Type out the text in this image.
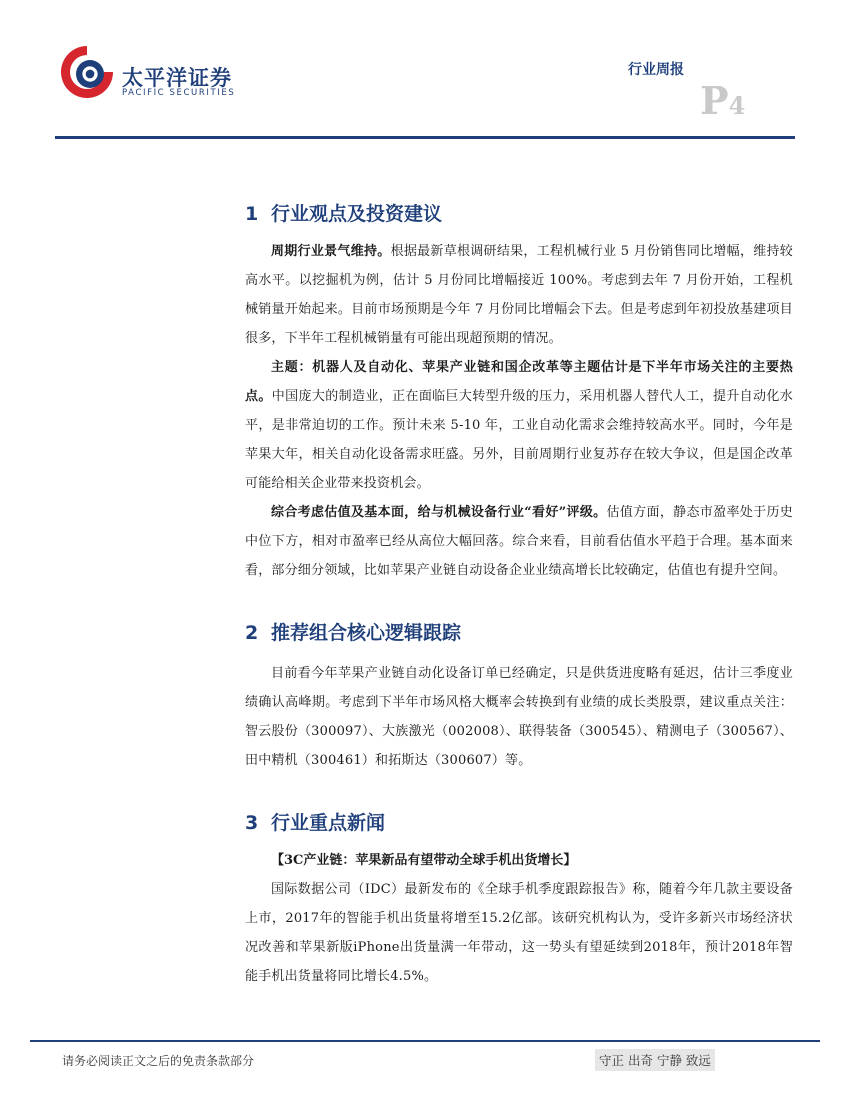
太平洋证券
PACIFIC SECURITIES
行业周报
P4
1 行业观点及投资建议

周期行业景气维持。根据最新草根调研结果，工程机械行业 5 月份销售同比增幅，维持较高水平。以挖掘机为例，估计 5 月份同比增幅接近 100%。考虑到去年 7 月份开始，工程机械销量开始起来。目前市场预期是今年 7 月份同比增幅会下去。但是考虑到年初投放基建项目很多，下半年工程机械销量有可能出现超预期的情况。

主题：机器人及自动化、苹果产业链和国企改革等主题估计是下半年市场关注的主要热点。中国庞大的制造业，正在面临巨大转型升级的压力，采用机器人替代人工，提升自动化水平，是非常迫切的工作。预计未来 5-10 年，工业自动化需求会维持较高水平。同时，今年是苹果大年，相关自动化设备需求旺盛。另外，目前周期行业复苏存在较大争议，但是国企改革可能给相关企业带来投资机会。

综合考虑估值及基本面，给与机械设备行业“看好”评级。估值方面，静态市盈率处于历史中位下方，相对市盈率已经从高位大幅回落。综合来看，目前看估值水平趋于合理。基本面来看，部分细分领域，比如苹果产业链自动设备企业业绩高增长比较确定，估值也有提升空间。

2 推荐组合核心逻辑跟踪

目前看今年苹果产业链自动化设备订单已经确定，只是供货进度略有延迟，估计三季度业绩确认高峰期。考虑到下半年市场风格大概率会转换到有业绩的成长类股票，建议重点关注：智云股份（300097）、大族激光（002008）、联得装备（300545）、精测电子（300567）、田中精机（300461）和拓斯达（300607）等。

3 行业重点新闻
【3C产业链：苹果新品有望带动全球手机出货增长】

国际数据公司（IDC）最新发布的《全球手机季度跟踪报告》称，随着今年几款主要设备上市，2017年的智能手机出货量将增至15.2亿部。该研究机构认为，受许多新兴市场经济状况改善和苹果新版iPhone出货量满一年带动，这一势头有望延续到2018年，预计2018年智能手机出货量将同比增长4.5%。

请务必阅读正文之后的免责条款部分	守正 出奇 宁静 致远
